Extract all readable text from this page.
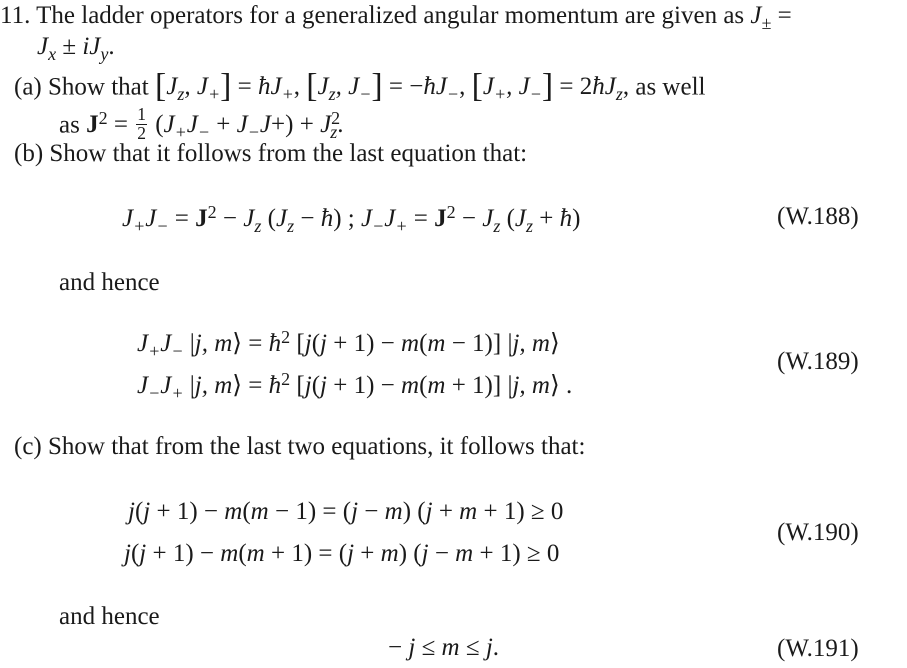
11. The ladder operators for a generalized angular momentum are given as $J_\pm$ =
$J_x \pm iJ_y$.
(a) Show that [$J_z$, $J_+$] = $ħJ_+$, [$J_z$, $J_-$] = $-ħJ_-$, [$J_+$, $J_-$] = $2ħJ_z$, as well
as $J^2 = \frac{1}{2} (J_+J_- + J_-J+) + J^2_z$.
(b) Show that it follows from the last equation that:
$J_+J_- = J^2 - J_z$ ($J_z$ − ħ) ; $J_-J_+ = J^2 - J_z$ ($J_z$ + ħ)	(W.188)
and hence
$J_+J_-$ |j, m⟩ = $ħ^2$ [j(j + 1) − m(m − 1)] |j, m⟩
$J_-J_+$ |j, m⟩ = $ħ^2$ [j(j + 1) − m(m + 1)] |j, m⟩ .
(W.189)
(c) Show that from the last two equations, it follows that:
j(j + 1) − m(m − 1) = (j − m) (j + m + 1) ≥ 0
j(j + 1) − m(m + 1) = (j + m) (j − m + 1) ≥ 0
(W.190)
and hence
− j ≤ m ≤ j.	(W.191)
